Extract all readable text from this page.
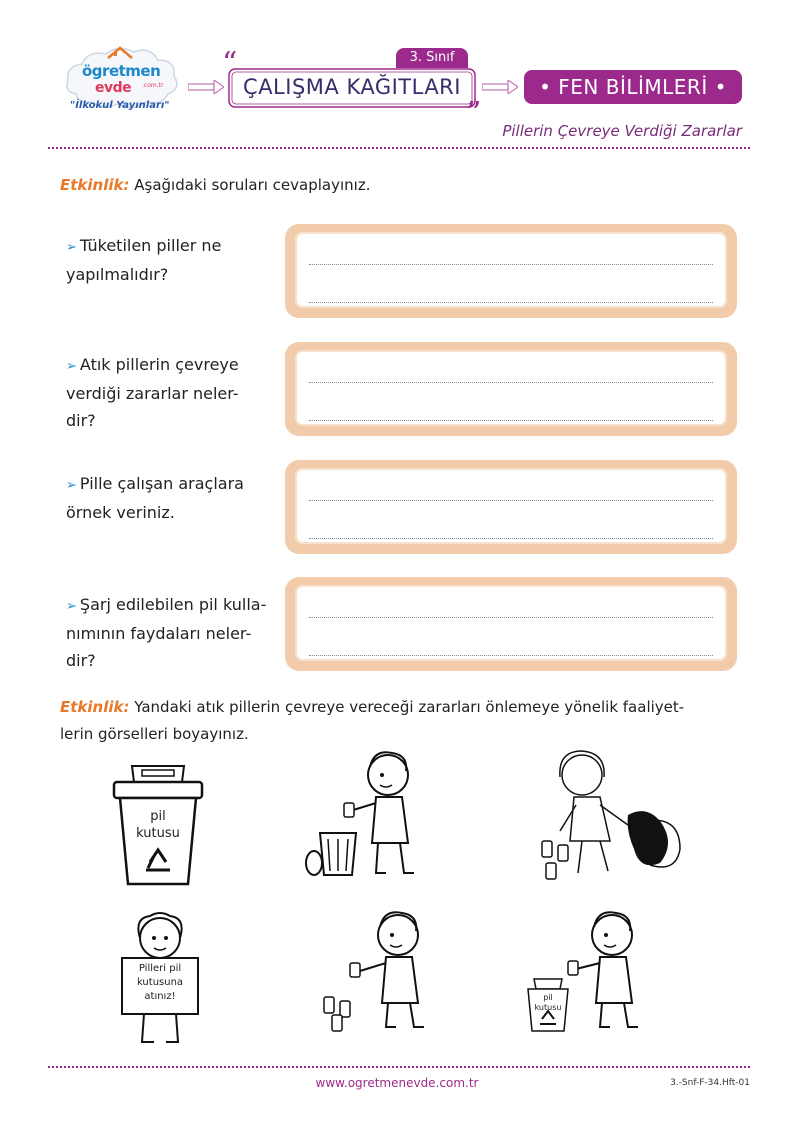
ögretmen
evde .com.tr
"İlkokul Yayınları"
“
”
3. Sınıf
ÇALIŞMA KAĞITLARI	• FEN BİLİMLERİ •
Pillerin Çevreye Verdiği Zararlar
Etkinlik: Aşağıdaki soruları cevaplayınız.
➢ Tüketilen piller ne
yapılmalıdır?
➢ Atık pillerin çevreye
verdiği zararlar neler-
dir?
➢ Pille çalışan araçlara
örnek veriniz.
➢ Şarj edilebilen pil kulla-
nımının faydaları neler-
dir?
Etkinlik: Yandaki atık pillerin çevreye vereceği zararları önlemeye yönelik faaliyet-
lerin görselleri boyayınız.
pil
kutusu
Pilleri pil
kutusuna
atınız!	pil
kutusu
www.ogretmenevde.com.tr	3.-Snf-F-34.Hft-01
